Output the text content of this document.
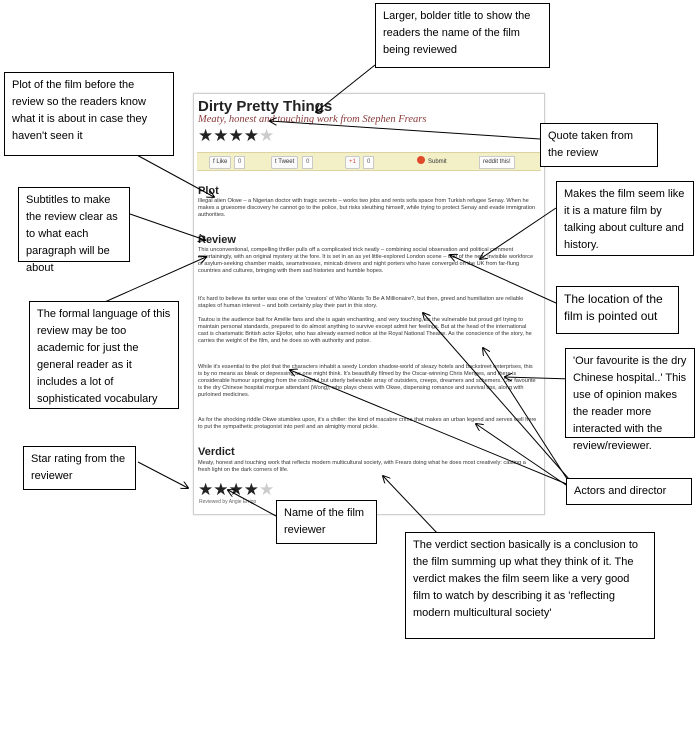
Dirty Pretty Things
Meaty, honest and touching work from Stephen Frears
★★★★★
f Like	0	t Tweet	0	+1	0	Submit	reddit this!
Plot
Illegal alien Okwe – a Nigerian doctor with tragic secrets – works two jobs and rents sofa space from Turkish refugee Senay. When he makes a gruesome discovery he cannot go to the police, but risks sleuthing himself, while trying to protect Senay and evade immigration authorities.
Review
This unconventional, compelling thriller pulls off a complicated trick neatly – combining social observation and political comment entertainingly, with an original mystery at the fore. It is set in an as yet little-explored London scene – that of the new, invisible workforce of asylum-seeking chamber maids, seamstresses, minicab drivers and night porters who have converged on the UK from far-flung countries and cultures, bringing with them sad histories and humble hopes.
It's hard to believe its writer was one of the 'creators' of Who Wants To Be A Millionaire?, but then, greed and humiliation are reliable staples of human interest – and both certainly play their part in this story.
Tautou is the audience bait for Amélie fans and she is again enchanting, and very touching, as the vulnerable but proud girl trying to maintain personal standards, prepared to do almost anything to survive except admit her feelings. But at the head of the international cast is charismatic British actor Ejiofor, who has already earned notice at the Royal National Theatre. As the conscience of the story, he carries the weight of the film, and he does so with authority and poise.
While it's essential to the plot that the characters inhabit a seedy London shadow-world of sleazy hotels and backstreet enterprises, this is by no means as bleak or depressing as one might think. It's beautifully filmed by the Oscar-winning Chris Menges, and there is considerable humour springing from the colourful but utterly believable array of outsiders, creeps, dreamers and schemers. Our favourite is the dry Chinese hospital morgue attendant (Wong), who plays chess with Okwe, dispensing romance and survival tips, along with purloined medicines.
As for the shocking riddle Okwe stumbles upon, it's a chiller: the kind of macabre crime that makes an urban legend and serves well here to put the sympathetic protagonist into peril and an almighty moral pickle.
Verdict
Meaty, honest and touching work that reflects modern multicultural society, with Frears doing what he does most creatively: casting a fresh light on the dark corners of life.
★★★★★
Reviewed by Angie Errigo
Larger, bolder title to show the readers the name of the film being reviewed
Plot of the film before the review so the readers know what it is about in case they haven't seen it	Quote taken from the review
Makes the film seem like it is a mature film by talking about culture and history.
Subtitles to make the review clear as to what each paragraph will be about
The location of the film is pointed out
The formal language of this review may be too academic for just the general reader as it includes a lot of sophisticated vocabulary
'Our favourite is the dry Chinese hospital..' This use of opinion makes the reader more interacted with the review/reviewer.
Star rating from the reviewer
Actors and director
Name of the film reviewer
The verdict section basically is a conclusion to the film summing up what they think of it. The verdict makes the film seem like a very good film to watch by describing it as 'reflecting modern multicultural society'
